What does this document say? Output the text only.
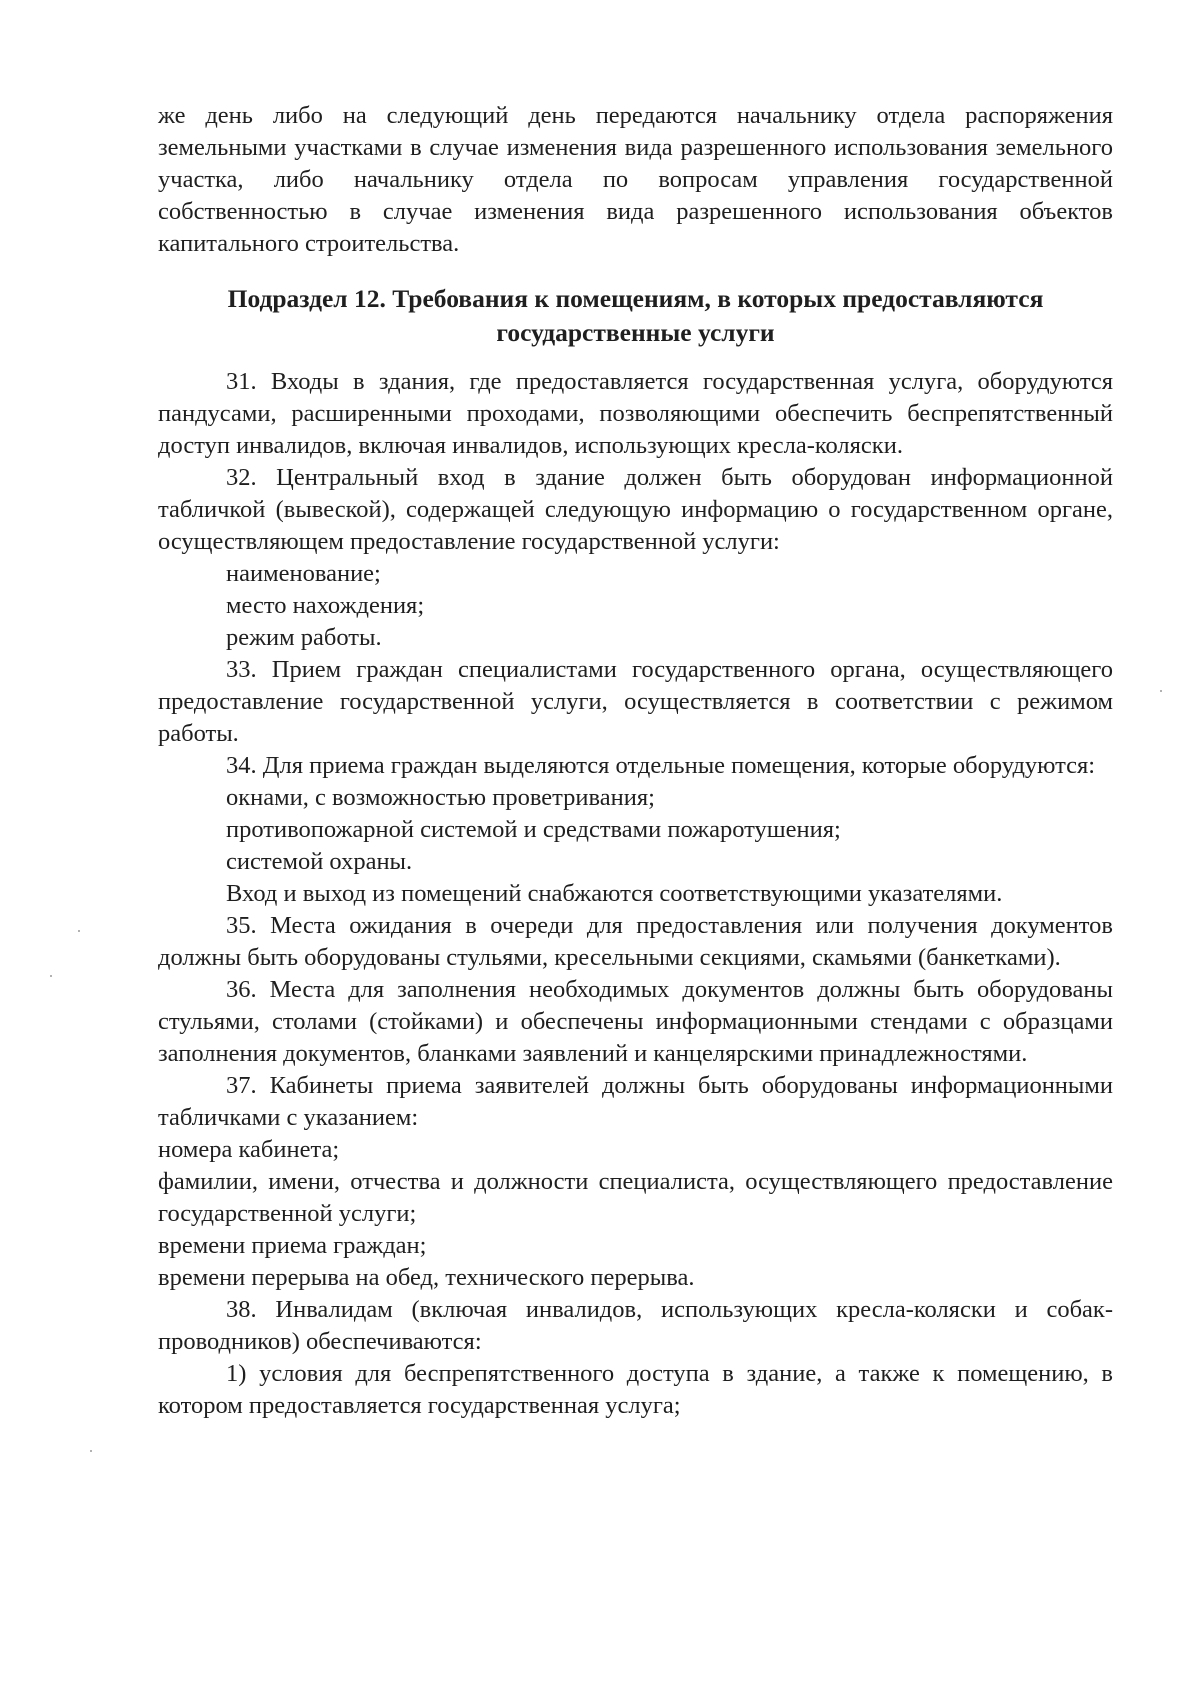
же день либо на следующий день передаются начальнику отдела распоряжения земельными участками в случае изменения вида разрешенного использования земельного участка, либо начальнику отдела по вопросам управления государственной собственностью в случае изменения вида разрешенного использования объектов капитального строительства.

Подраздел 12. Требования к помещениям, в которых предоставляются государственные услуги

31. Входы в здания, где предоставляется государственная услуга, оборудуются пандусами, расширенными проходами, позволяющими обеспечить беспрепятственный доступ инвалидов, включая инвалидов, использующих кресла-коляски.

32. Центральный вход в здание должен быть оборудован информационной табличкой (вывеской), содержащей следующую информацию о государственном органе, осуществляющем предоставление государственной услуги:

наименование;

место нахождения;

режим работы.

33. Прием граждан специалистами государственного органа, осуществляющего предоставление государственной услуги, осуществляется в соответствии с режимом работы.

34. Для приема граждан выделяются отдельные помещения, которые оборудуются:

окнами, с возможностью проветривания;

противопожарной системой и средствами пожаротушения;

системой охраны.

Вход и выход из помещений снабжаются соответствующими указателями.

35. Места ожидания в очереди для предоставления или получения документов должны быть оборудованы стульями, кресельными секциями, скамьями (банкетками).

36. Места для заполнения необходимых документов должны быть оборудованы стульями, столами (стойками) и обеспечены информационными стендами с образцами заполнения документов, бланками заявлений и канцелярскими принадлежностями.

37. Кабинеты приема заявителей должны быть оборудованы информационными табличками с указанием:

номера кабинета;

фамилии, имени, отчества и должности специалиста, осуществляющего предоставление государственной услуги;

времени приема граждан;

времени перерыва на обед, технического перерыва.

38. Инвалидам (включая инвалидов, использующих кресла-коляски и собак-проводников) обеспечиваются:

1) условия для беспрепятственного доступа в здание, а также к помещению, в котором предоставляется государственная услуга;
